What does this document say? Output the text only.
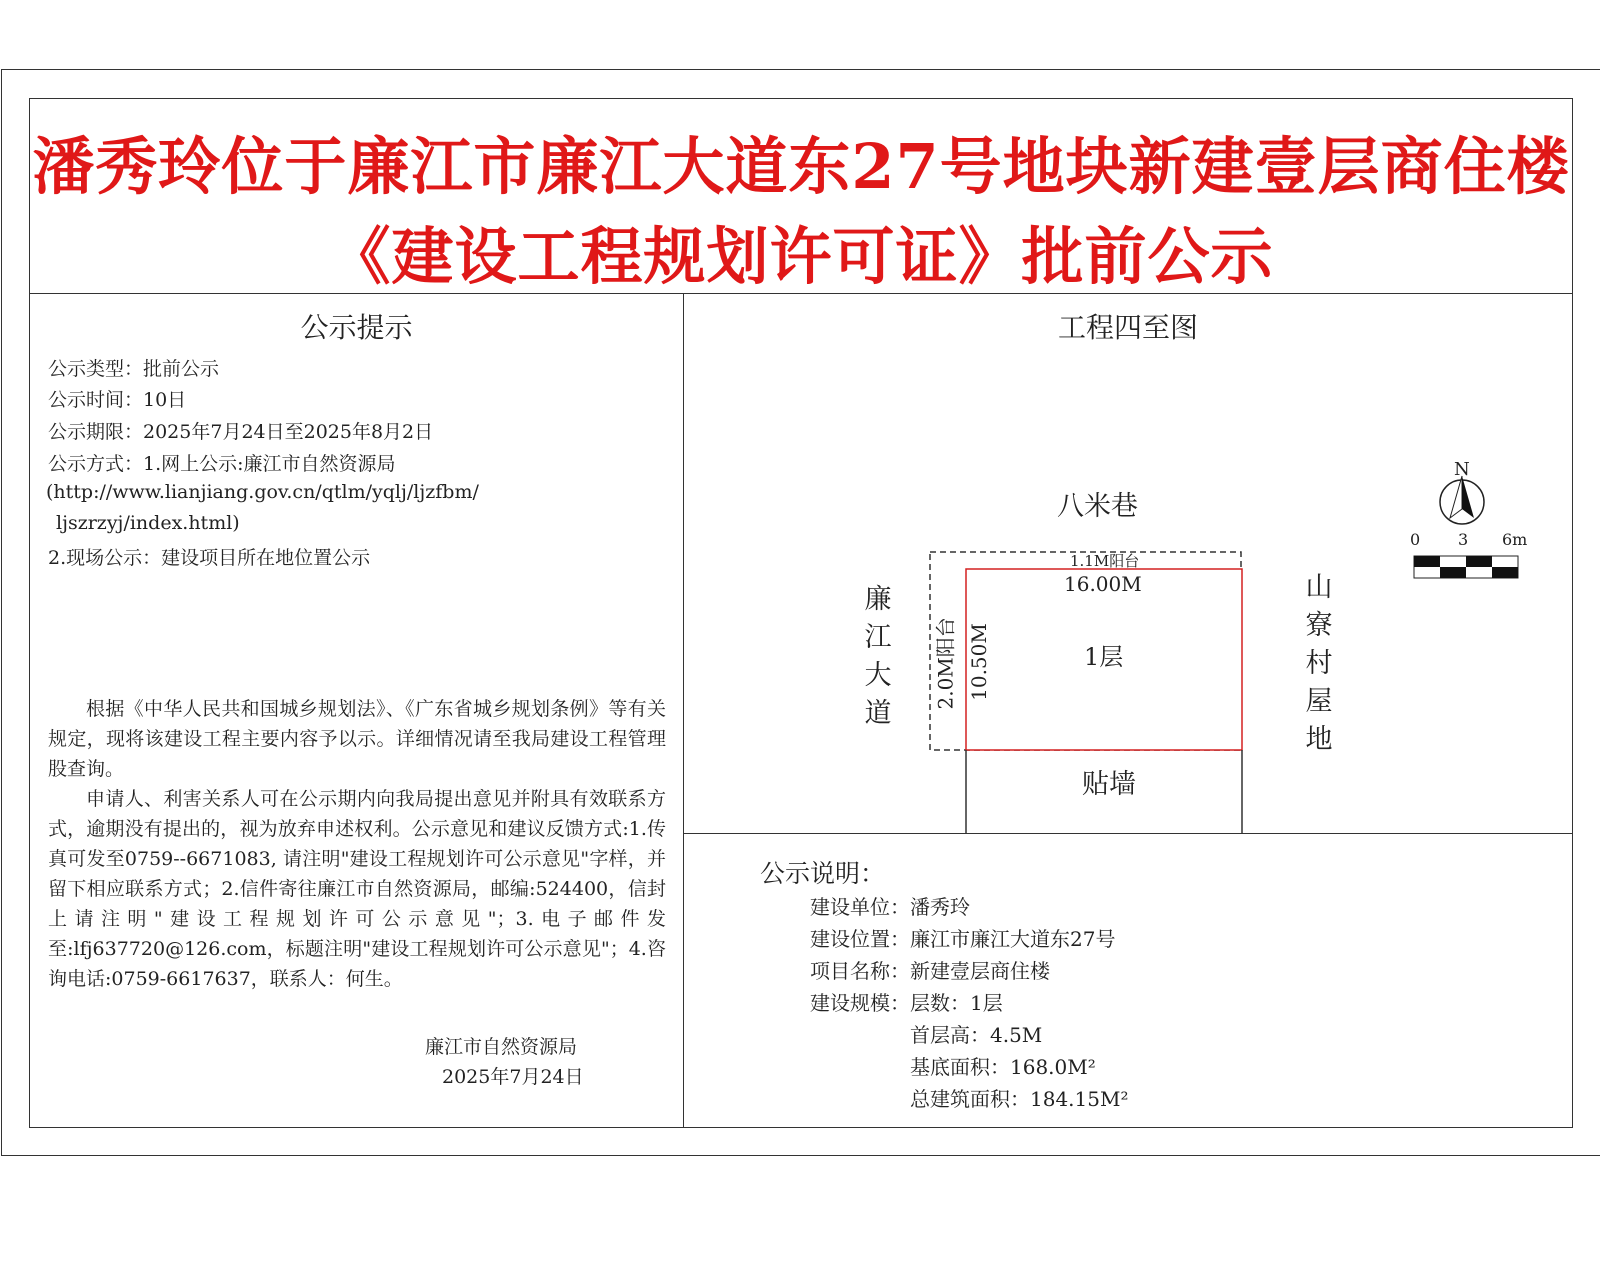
潘秀玲位于廉江市廉江大道东27号地块新建壹层商住楼
《建设工程规划许可证》批前公示
公示提示
公示类型：批前公示
公示时间：10日
公示期限：2025年7月24日至2025年8月2日
公示方式：1.网上公示:廉江市自然资源局
(http://www.lianjiang.gov.cn/qtlm/yqlj/ljzfbm/
ljszrzyj/index.html)
2.现场公示：建设项目所在地位置公示
根据《中华人民共和国城乡规划法》、《广东省城乡规划条例》等有关规定，现将该建设工程主要内容予以示。详细情况请至我局建设工程管理股查询。
申请人、利害关系人可在公示期内向我局提出意见并附具有效联系方式，逾期没有提出的，视为放弃申述权利。公示意见和建议反馈方式:1.传真可发至0759--6671083, 请注明"建设工程规划许可公示意见"字样，并留下相应联系方式；2.信件寄往廉江市自然资源局，邮编:524400，信封上请注明"建设工程规划许可公示意见"；3.电子邮件发至:lfj637720@126.com，标题注明"建设工程规划许可公示意见"；4.咨询电话:0759-6617637，联系人：何生。
廉江市自然资源局
2025年7月24日
工程四至图
N
0 3 6m
八米巷
贴墙
廉
江
大
道
山
寮
村
屋
地
1.1M阳台
16.00M
1层
2.0M阳台 10.50M
公示说明：
建设单位：潘秀玲
建设位置：廉江市廉江大道东27号
项目名称：新建壹层商住楼
建设规模：层数：1层
首层高：4.5M
基底面积：168.0M²
总建筑面积：184.15M²
